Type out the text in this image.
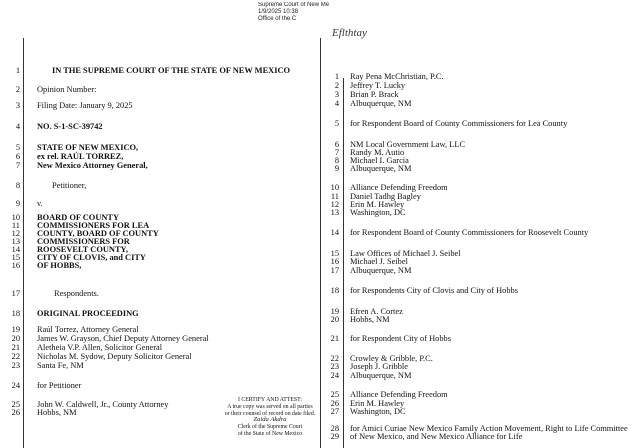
Supreme Court of New Me
1/9/2025 10:38
Office of the C
Eflthtay
1	IN THE SUPREME COURT OF THE STATE OF NEW MEXICO
2 Opinion Number:
3 Filing Date: January 9, 2025
4 NO. S-1-SC-39742
5 STATE OF NEW MEXICO,
6 ex rel. RAÚL TORREZ,
7 New Mexico Attorney General,
8	Petitioner,
9 v.
10 BOARD OF COUNTY
11 COMMISSIONERS FOR LEA
12 COUNTY, BOARD OF COUNTY
13 COMMISSIONERS FOR
14 ROOSEVELT COUNTY,
15 CITY OF CLOVIS, and CITY
16 OF HOBBS,
17	Respondents.
18 ORIGINAL PROCEEDING
19 Raúl Torrez, Attorney General
20 James W. Grayson, Chief Deputy Attorney General
21 Aletheia V.P. Allen, Solicitor General
22 Nicholas M. Sydow, Deputy Solicitor General
23 Santa Fe, NM
24 for Petitioner
25 John W. Caldwell, Jr., County Attorney
26 Hobbs, NM
1 Ray Pena McChristian, P.C.
2 Jeffrey T. Lucky
3 Brian P. Brack
4 Albuquerque, NM
5 for Respondent Board of County Commissioners for Lea County
6 NM Local Government Law, LLC
7 Randy M. Autio
8 Michael I. Garcia
9 Albuquerque, NM
10 Alliance Defending Freedom
11 Daniel Tadhg Bagley
12 Erin M. Hawley
13 Washington, DC
14 for Respondent Board of County Commissioners for Roosevelt County
15 Law Offices of Michael J. Seibel
16 Michael J. Seibel
17 Albuquerque, NM
18 for Respondents City of Clovis and City of Hobbs
19 Efren A. Cortez
20 Hobbs, NM
21 for Respondent City of Hobbs
22 Crowley & Gribble, P.C.
23 Joseph J. Gribble
24 Albuquerque, NM
25 Alliance Defending Freedom
26 Erin M. Hawley
27 Washington, DC
28 for Amici Curiae New Mexico Family Action Movement, Right to Life Committee
29 of New Mexico, and New Mexico Alliance for Life
I CERTIFY AND ATTEST:
A true copy was served on all parties
or their counsel of record on date filed.
Zaida Akdra
Clerk of the Supreme Court
of the State of New Mexico
